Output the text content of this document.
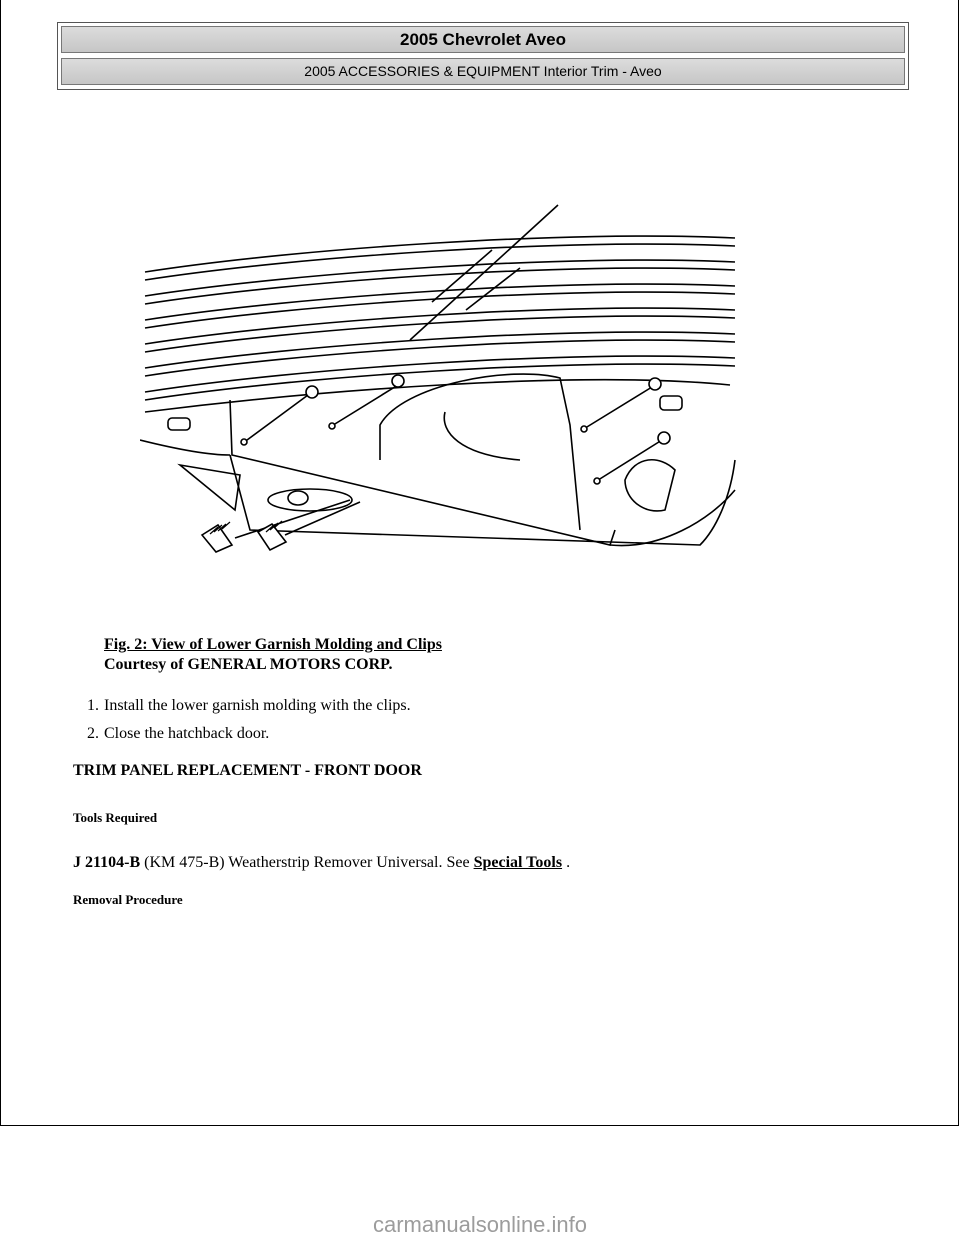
2005 Chevrolet Aveo
2005 ACCESSORIES & EQUIPMENT Interior Trim - Aveo
Fig. 2: View of Lower Garnish Molding and Clips
Courtesy of GENERAL MOTORS CORP.
1. Install the lower garnish molding with the clips.
2. Close the hatchback door.
TRIM PANEL REPLACEMENT - FRONT DOOR
Tools Required
J 21104-B (KM 475-B) Weatherstrip Remover Universal. See Special Tools .
Removal Procedure
carmanualsonline.info
